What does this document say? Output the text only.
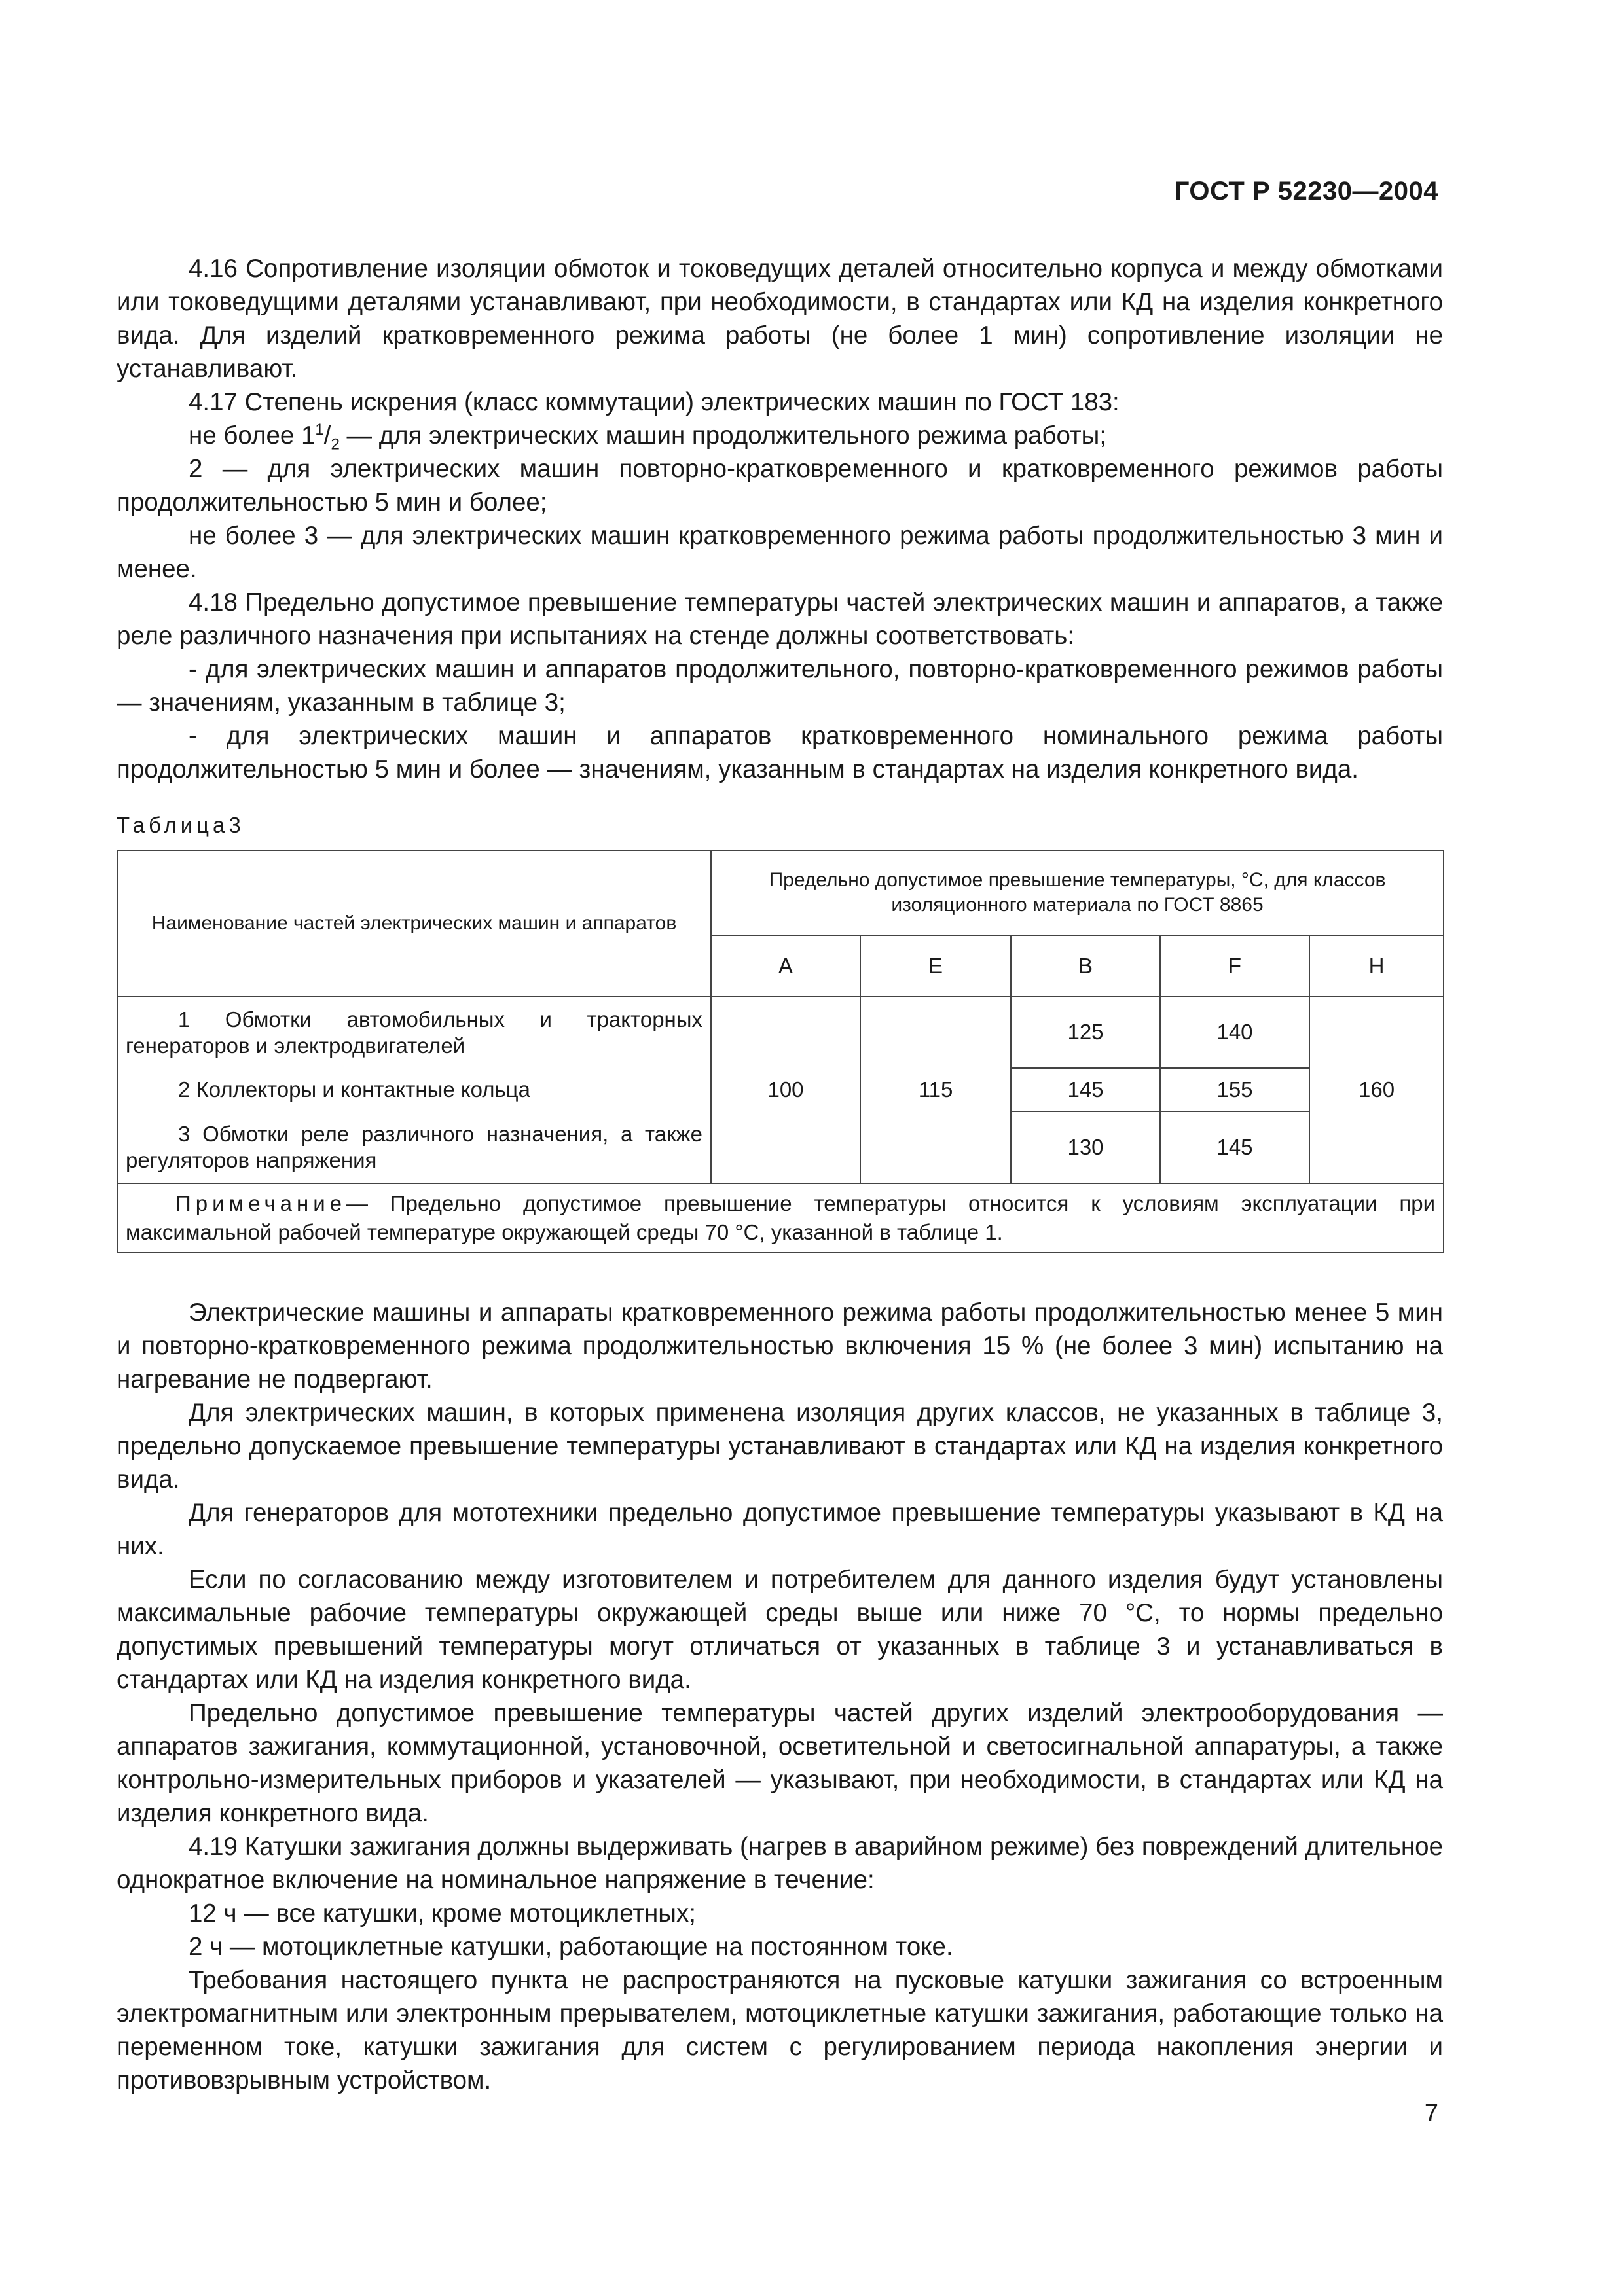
ГОСТ Р 52230—2004

4.16 Сопротивление изоляции обмоток и токоведущих деталей относительно корпуса и между обмотками или токоведущими деталями устанавливают, при необходимости, в стандартах или КД на изделия конкретного вида. Для изделий кратковременного режима работы (не более 1 мин) сопротивление изоляции не устанавливают.

4.17 Степень искрения (класс коммутации) электрических машин по ГОСТ 183:

не более $1^1/_2$ — для электрических машин продолжительного режима работы;

2 — для электрических машин повторно-кратковременного и кратковременного режимов работы продолжительностью 5 мин и более;

не более 3 — для электрических машин кратковременного режима работы продолжительностью 3 мин и менее.

4.18 Предельно допустимое превышение температуры частей электрических машин и аппаратов, а также реле различного назначения при испытаниях на стенде должны соответствовать:

- для электрических машин и аппаратов продолжительного, повторно-кратковременного режимов работы — значениям, указанным в таблице 3;

- для электрических машин и аппаратов кратковременного номинального режима работы продолжительностью 5 мин и более — значениям, указанным в стандартах на изделия конкретного вида.

Таблица3
Наименование частей электрических машин и аппаратов	Предельно допустимое превышение температуры, °C, для классов изоляционного материала по ГОСТ 8865				
	A	E	B	F	H

1 Обмотки автомобильных и тракторных генераторов и электродвигателей	100	115	125	140	160

2 Коллекторы и контактные кольца			145	155	

3 Обмотки реле различного назначения, а также регуляторов напряжения			130	145	
Примечание— Предельно допустимое превышение температуры относится к условиям эксплуатации при максимальной рабочей температуре окружающей среды 70 °C, указанной в таблице 1.					

Электрические машины и аппараты кратковременного режима работы продолжительностью менее 5 мин и повторно-кратковременного режима продолжительностью включения 15 % (не более 3 мин) испытанию на нагревание не подвергают.

Для электрических машин, в которых применена изоляция других классов, не указанных в таблице 3, предельно допускаемое превышение температуры устанавливают в стандартах или КД на изделия конкретного вида.

Для генераторов для мототехники предельно допустимое превышение температуры указывают в КД на них.

Если по согласованию между изготовителем и потребителем для данного изделия будут установлены максимальные рабочие температуры окружающей среды выше или ниже 70 °C, то нормы предельно допустимых превышений температуры могут отличаться от указанных в таблице 3 и устанавливаться в стандартах или КД на изделия конкретного вида.

Предельно допустимое превышение температуры частей других изделий электрооборудования — аппаратов зажигания, коммутационной, установочной, осветительной и светосигнальной аппаратуры, а также контрольно-измерительных приборов и указателей — указывают, при необходимости, в стандартах или КД на изделия конкретного вида.

4.19 Катушки зажигания должны выдерживать (нагрев в аварийном режиме) без повреждений длительное однократное включение на номинальное напряжение в течение:

12 ч — все катушки, кроме мотоциклетных;

2 ч — мотоциклетные катушки, работающие на постоянном токе.

Требования настоящего пункта не распространяются на пусковые катушки зажигания со встроенным электромагнитным или электронным прерывателем, мотоциклетные катушки зажигания, работающие только на переменном токе, катушки зажигания для систем с регулированием периода накопления энергии и противовзрывным устройством.

7
